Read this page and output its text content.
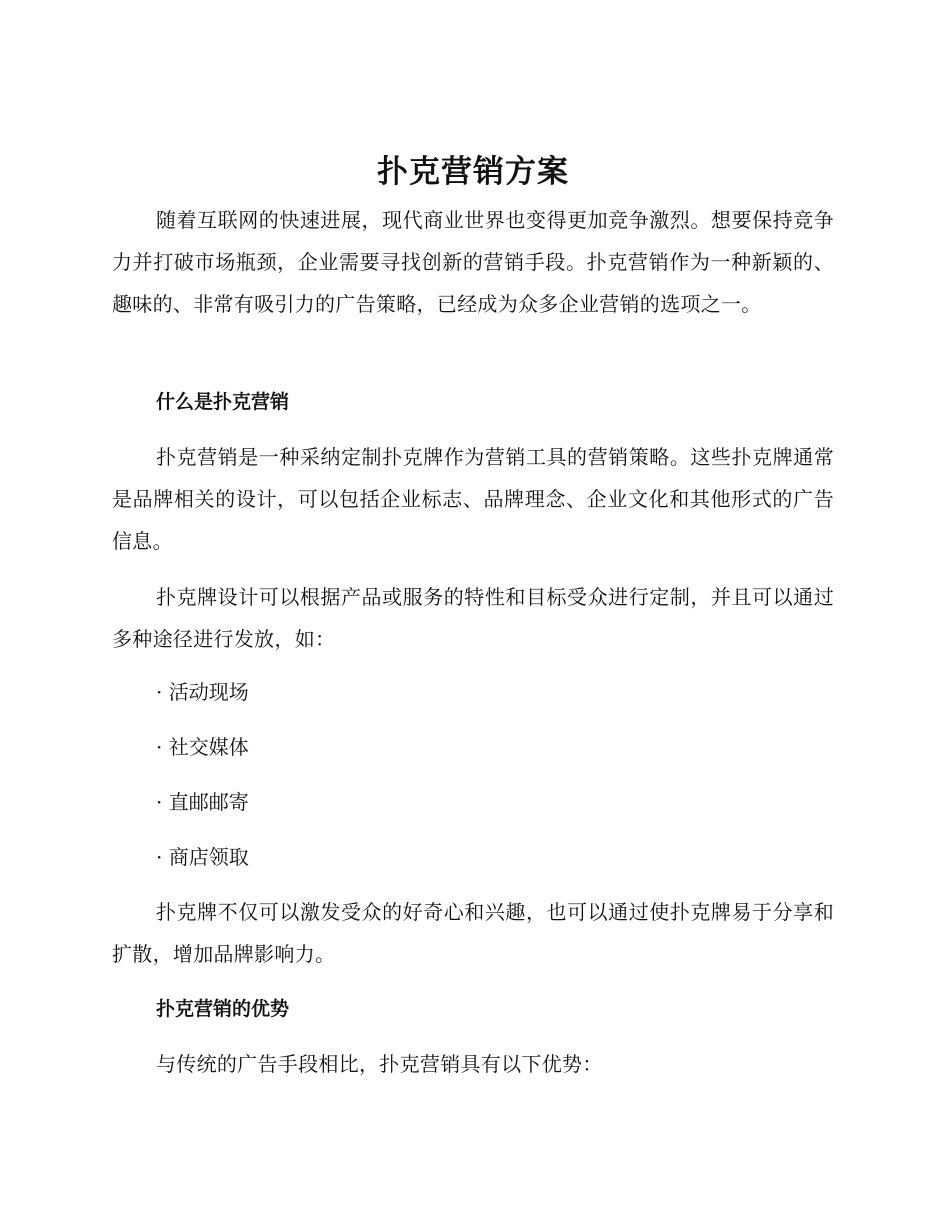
扑克营销方案

随着互联网的快速进展，现代商业世界也变得更加竞争激烈。想要保持竞争力并打破市场瓶颈，企业需要寻找创新的营销手段。扑克营销作为一种新颖的、趣味的、非常有吸引力的广告策略，已经成为众多企业营销的选项之一。

什么是扑克营销

扑克营销是一种采纳定制扑克牌作为营销工具的营销策略。这些扑克牌通常是品牌相关的设计，可以包括企业标志、品牌理念、企业文化和其他形式的广告信息。

扑克牌设计可以根据产品或服务的特性和目标受众进行定制，并且可以通过多种途径进行发放，如：

· 活动现场

· 社交媒体

· 直邮邮寄

· 商店领取

扑克牌不仅可以激发受众的好奇心和兴趣，也可以通过使扑克牌易于分享和扩散，增加品牌影响力。

扑克营销的优势

与传统的广告手段相比，扑克营销具有以下优势：
